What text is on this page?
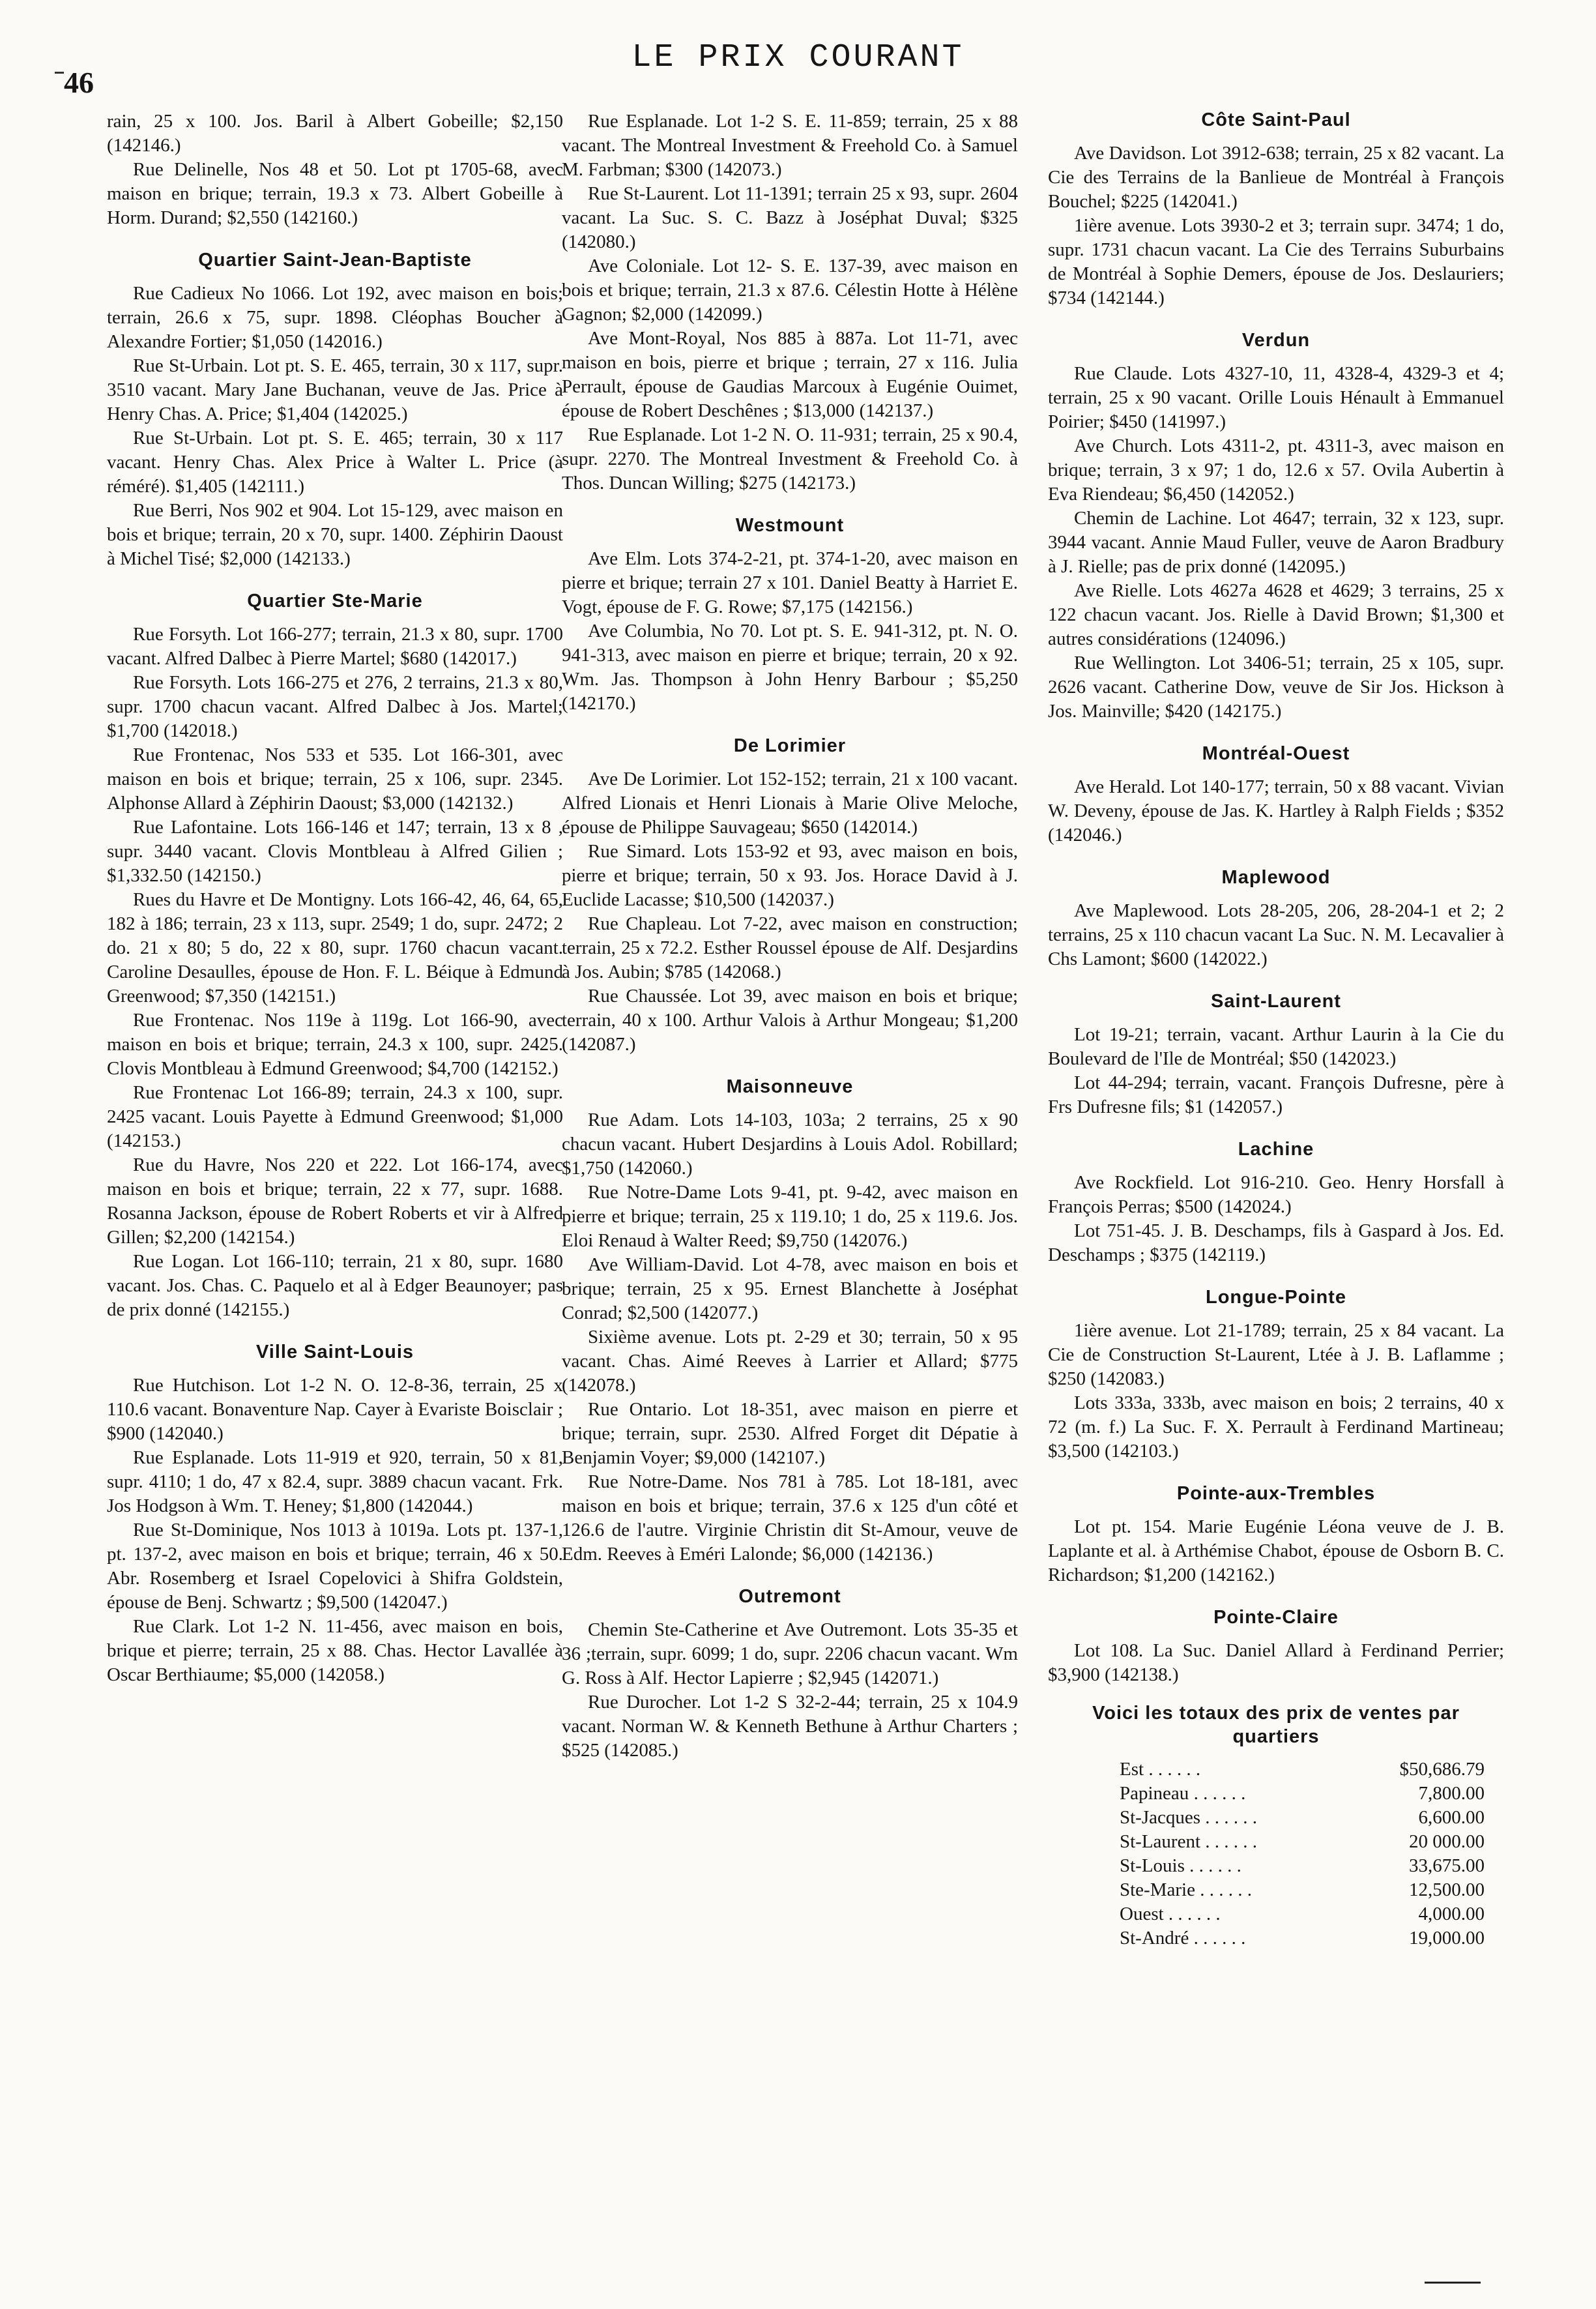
46
LE PRIX COURANT

rain, 25 x 100. Jos. Baril à Albert Gobeille; $2,150 (142146.)

Rue Delinelle, Nos 48 et 50. Lot pt 1705-68, avec maison en brique; terrain, 19.3 x 73. Albert Gobeille à Horm. Durand; $2,550 (142160.)

Quartier Saint-Jean-Baptiste

Rue Cadieux No 1066. Lot 192, avec maison en bois; terrain, 26.6 x 75, supr. 1898. Cléophas Boucher à Alexandre Fortier; $1,050 (142016.)

Rue St-Urbain. Lot pt. S. E. 465, terrain, 30 x 117, supr. 3510 vacant. Mary Jane Buchanan, veuve de Jas. Price à Henry Chas. A. Price; $1,404 (142025.)

Rue St-Urbain. Lot pt. S. E. 465; terrain, 30 x 117 vacant. Henry Chas. Alex Price à Walter L. Price (à réméré). $1,405 (142111.)

Rue Berri, Nos 902 et 904. Lot 15-129, avec maison en bois et brique; terrain, 20 x 70, supr. 1400. Zéphirin Daoust à Michel Tisé; $2,000 (142133.)

Quartier Ste-Marie

Rue Forsyth. Lot 166-277; terrain, 21.3 x 80, supr. 1700 vacant. Alfred Dalbec à Pierre Martel; $680 (142017.)

Rue Forsyth. Lots 166-275 et 276, 2 terrains, 21.3 x 80, supr. 1700 chacun vacant. Alfred Dalbec à Jos. Martel; $1,700 (142018.)

Rue Frontenac, Nos 533 et 535. Lot 166-301, avec maison en bois et brique; terrain, 25 x 106, supr. 2345. Alphonse Allard à Zéphirin Daoust; $3,000 (142132.)

Rue Lafontaine. Lots 166-146 et 147; terrain, 13 x 8 , supr. 3440 vacant. Clovis Montbleau à Alfred Gilien ; $1,332.50 (142150.)

Rues du Havre et De Montigny. Lots 166-42, 46, 64, 65, 182 à 186; terrain, 23 x 113, supr. 2549; 1 do, supr. 2472; 2 do. 21 x 80; 5 do, 22 x 80, supr. 1760 chacun vacant. Caroline Desaulles, épouse de Hon. F. L. Béique à Edmund Greenwood; $7,350 (142151.)

Rue Frontenac. Nos 119e à 119g. Lot 166-90, avec maison en bois et brique; terrain, 24.3 x 100, supr. 2425. Clovis Montbleau à Edmund Greenwood; $4,700 (142152.)

Rue Frontenac Lot 166-89; terrain, 24.3 x 100, supr. 2425 vacant. Louis Payette à Edmund Greenwood; $1,000 (142153.)

Rue du Havre, Nos 220 et 222. Lot 166-174, avec maison en bois et brique; terrain, 22 x 77, supr. 1688. Rosanna Jackson, épouse de Robert Roberts et vir à Alfred Gillen; $2,200 (142154.)

Rue Logan. Lot 166-110; terrain, 21 x 80, supr. 1680 vacant. Jos. Chas. C. Paquelo et al à Edger Beaunoyer; pas de prix donné (142155.)

Ville Saint-Louis

Rue Hutchison. Lot 1-2 N. O. 12-8-36, terrain, 25 x 110.6 vacant. Bonaventure Nap. Cayer à Evariste Boisclair ; $900 (142040.)

Rue Esplanade. Lots 11-919 et 920, terrain, 50 x 81, supr. 4110; 1 do, 47 x 82.4, supr. 3889 chacun vacant. Frk. Jos Hodgson à Wm. T. Heney; $1,800 (142044.)

Rue St-Dominique, Nos 1013 à 1019a. Lots pt. 137-1, pt. 137-2, avec maison en bois et brique; terrain, 46 x 50. Abr. Rosemberg et Israel Copelovici à Shifra Goldstein, épouse de Benj. Schwartz ; $9,500 (142047.)

Rue Clark. Lot 1-2 N. 11-456, avec maison en bois, brique et pierre; terrain, 25 x 88. Chas. Hector Lavallée à Oscar Berthiaume; $5,000 (142058.)

Rue Esplanade. Lot 1-2 S. E. 11-859; terrain, 25 x 88 vacant. The Montreal Investment & Freehold Co. à Samuel M. Farbman; $300 (142073.)

Rue St-Laurent. Lot 11-1391; terrain 25 x 93, supr. 2604 vacant. La Suc. S. C. Bazz à Joséphat Duval; $325 (142080.)

Ave Coloniale. Lot 12- S. E. 137-39, avec maison en bois et brique; terrain, 21.3 x 87.6. Célestin Hotte à Hélène Gagnon; $2,000 (142099.)

Ave Mont-Royal, Nos 885 à 887a. Lot 11-71, avec maison en bois, pierre et brique ; terrain, 27 x 116. Julia Perrault, épouse de Gaudias Marcoux à Eugénie Ouimet, épouse de Robert Deschênes ; $13,000 (142137.)

Rue Esplanade. Lot 1-2 N. O. 11-931; terrain, 25 x 90.4, supr. 2270. The Montreal Investment & Freehold Co. à Thos. Duncan Willing; $275 (142173.)

Westmount

Ave Elm. Lots 374-2-21, pt. 374-1-20, avec maison en pierre et brique; terrain 27 x 101. Daniel Beatty à Harriet E. Vogt, épouse de F. G. Rowe; $7,175 (142156.)

Ave Columbia, No 70. Lot pt. S. E. 941-312, pt. N. O. 941-313, avec maison en pierre et brique; terrain, 20 x 92. Wm. Jas. Thompson à John Henry Barbour ; $5,250 (142170.)

De Lorimier

Ave De Lorimier. Lot 152-152; terrain, 21 x 100 vacant. Alfred Lionais et Henri Lionais à Marie Olive Meloche, épouse de Philippe Sauvageau; $650 (142014.)

Rue Simard. Lots 153-92 et 93, avec maison en bois, pierre et brique; terrain, 50 x 93. Jos. Horace David à J. Euclide Lacasse; $10,500 (142037.)

Rue Chapleau. Lot 7-22, avec maison en construction; terrain, 25 x 72.2. Esther Roussel épouse de Alf. Desjardins à Jos. Aubin; $785 (142068.)

Rue Chaussée. Lot 39, avec maison en bois et brique; terrain, 40 x 100. Arthur Valois à Arthur Mongeau; $1,200 (142087.)

Maisonneuve

Rue Adam. Lots 14-103, 103a; 2 terrains, 25 x 90 chacun vacant. Hubert Desjardins à Louis Adol. Robillard; $1,750 (142060.)

Rue Notre-Dame Lots 9-41, pt. 9-42, avec maison en pierre et brique; terrain, 25 x 119.10; 1 do, 25 x 119.6. Jos. Eloi Renaud à Walter Reed; $9,750 (142076.)

Ave William-David. Lot 4-78, avec maison en bois et brique; terrain, 25 x 95. Ernest Blanchette à Joséphat Conrad; $2,500 (142077.)

Sixième avenue. Lots pt. 2-29 et 30; terrain, 50 x 95 vacant. Chas. Aimé Reeves à Larrier et Allard; $775 (142078.)

Rue Ontario. Lot 18-351, avec maison en pierre et brique; terrain, supr. 2530. Alfred Forget dit Dépatie à Benjamin Voyer; $9,000 (142107.)

Rue Notre-Dame. Nos 781 à 785. Lot 18-181, avec maison en bois et brique; terrain, 37.6 x 125 d'un côté et 126.6 de l'autre. Virginie Christin dit St-Amour, veuve de Edm. Reeves à Eméri Lalonde; $6,000 (142136.)

Outremont

Chemin Ste-Catherine et Ave Outremont. Lots 35-35 et 36 ;terrain, supr. 6099; 1 do, supr. 2206 chacun vacant. Wm G. Ross à Alf. Hector Lapierre ; $2,945 (142071.)

Rue Durocher. Lot 1-2 S 32-2-44; terrain, 25 x 104.9 vacant. Norman W. & Kenneth Bethune à Arthur Charters ; $525 (142085.)

Côte Saint-Paul

Ave Davidson. Lot 3912-638; terrain, 25 x 82 vacant. La Cie des Terrains de la Banlieue de Montréal à François Bouchel; $225 (142041.)

1ière avenue. Lots 3930-2 et 3; terrain supr. 3474; 1 do, supr. 1731 chacun vacant. La Cie des Terrains Suburbains de Montréal à Sophie Demers, épouse de Jos. Deslauriers; $734 (142144.)

Verdun

Rue Claude. Lots 4327-10, 11, 4328-4, 4329-3 et 4; terrain, 25 x 90 vacant. Orille Louis Hénault à Emmanuel Poirier; $450 (141997.)

Ave Church. Lots 4311-2, pt. 4311-3, avec maison en brique; terrain, 3 x 97; 1 do, 12.6 x 57. Ovila Aubertin à Eva Riendeau; $6,450 (142052.)

Chemin de Lachine. Lot 4647; terrain, 32 x 123, supr. 3944 vacant. Annie Maud Fuller, veuve de Aaron Bradbury à J. Rielle; pas de prix donné (142095.)

Ave Rielle. Lots 4627a 4628 et 4629; 3 terrains, 25 x 122 chacun vacant. Jos. Rielle à David Brown; $1,300 et autres considérations (124096.)

Rue Wellington. Lot 3406-51; terrain, 25 x 105, supr. 2626 vacant. Catherine Dow, veuve de Sir Jos. Hickson à Jos. Mainville; $420 (142175.)

Montréal-Ouest

Ave Herald. Lot 140-177; terrain, 50 x 88 vacant. Vivian W. Deveny, épouse de Jas. K. Hartley à Ralph Fields ; $352 (142046.)

Maplewood

Ave Maplewood. Lots 28-205, 206, 28-204-1 et 2; 2 terrains, 25 x 110 chacun vacant La Suc. N. M. Lecavalier à Chs Lamont; $600 (142022.)

Saint-Laurent

Lot 19-21; terrain, vacant. Arthur Laurin à la Cie du Boulevard de l'Ile de Montréal; $50 (142023.)

Lot 44-294; terrain, vacant. François Dufresne, père à Frs Dufresne fils; $1 (142057.)

Lachine

Ave Rockfield. Lot 916-210. Geo. Henry Horsfall à François Perras; $500 (142024.)

Lot 751-45. J. B. Deschamps, fils à Gaspard à Jos. Ed. Deschamps ; $375 (142119.)

Longue-Pointe

1ière avenue. Lot 21-1789; terrain, 25 x 84 vacant. La Cie de Construction St-Laurent, Ltée à J. B. Laflamme ; $250 (142083.)

Lots 333a, 333b, avec maison en bois; 2 terrains, 40 x 72 (m. f.) La Suc. F. X. Perrault à Ferdinand Martineau; $3,500 (142103.)

Pointe-aux-Trembles

Lot pt. 154. Marie Eugénie Léona veuve de J. B. Laplante et al. à Arthémise Chabot, épouse de Osborn B. C. Richardson; $1,200 (142162.)

Pointe-Claire

Lot 108. La Suc. Daniel Allard à Ferdinand Perrier; $3,900 (142138.)

Voici les totaux des prix de ventes par quartiers
Est . . .	$50,686.79
Papineau . . .	7,800.00
St-Jacques . . .	6,600.00
St-Laurent . . .	20 000.00
St-Louis . . .	33,675.00
Ste-Marie . . .	12,500.00
Ouest . . .	4,000.00
St-André . . .	19,000.00
